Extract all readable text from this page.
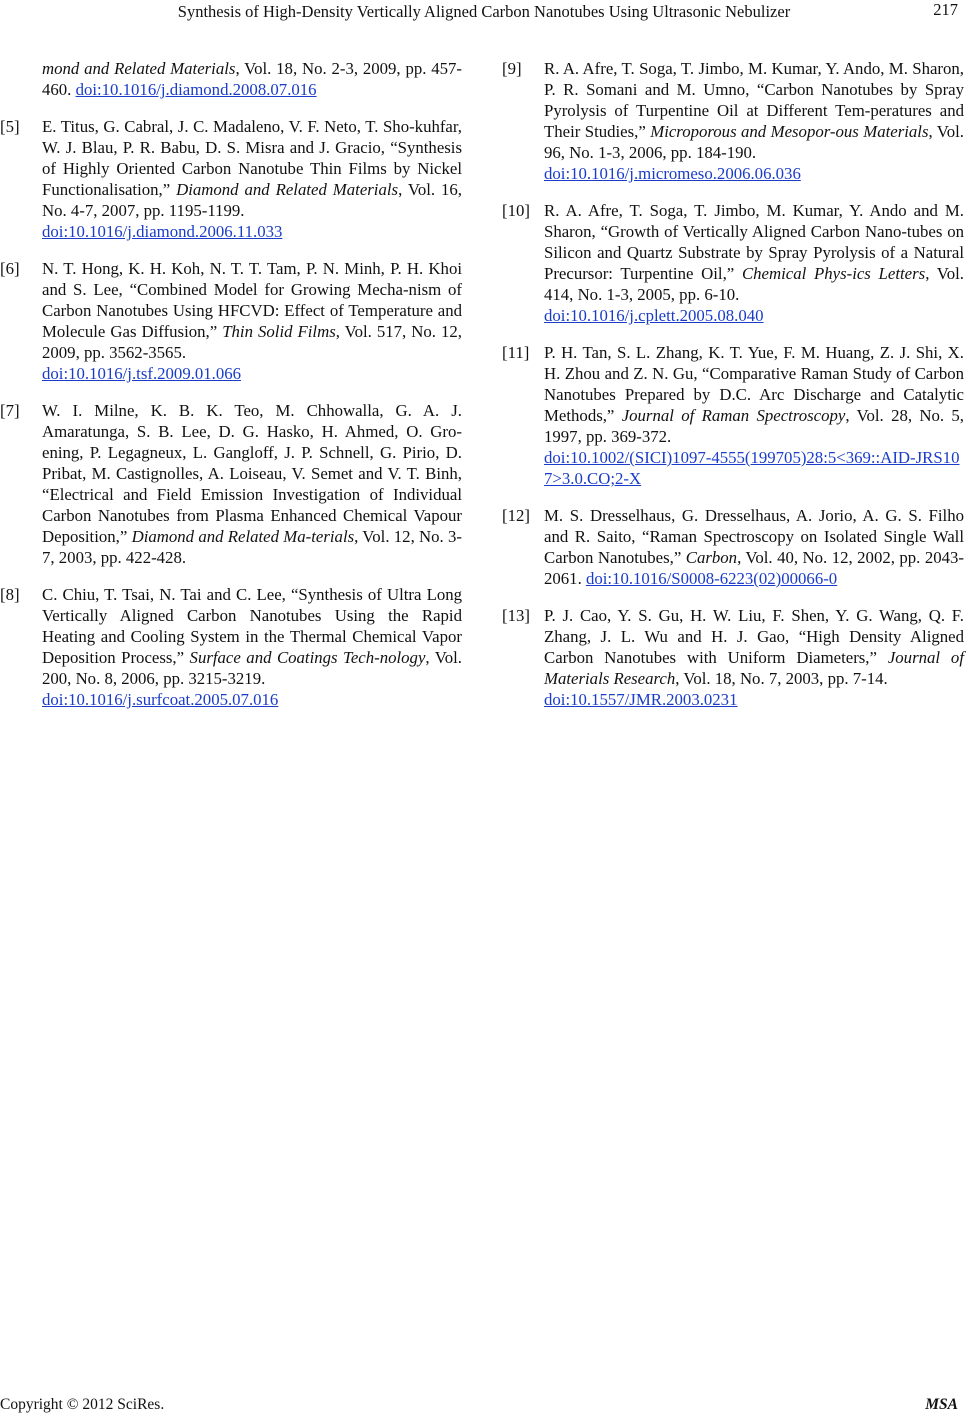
Synthesis of High-Density Vertically Aligned Carbon Nanotubes Using Ultrasonic Nebulizer	217
mond and Related Materials, Vol. 18, No. 2-3, 2009, pp. 457-460. doi:10.1016/j.diamond.2008.07.016
[5] E. Titus, G. Cabral, J. C. Madaleno, V. F. Neto, T. Sho-kuhfar, W. J. Blau, P. R. Babu, D. S. Misra and J. Gracio, “Synthesis of Highly Oriented Carbon Nanotube Thin Films by Nickel Functionalisation,” Diamond and Related Materials, Vol. 16, No. 4-7, 2007, pp. 1195-1199.
doi:10.1016/j.diamond.2006.11.033
[6] N. T. Hong, K. H. Koh, N. T. T. Tam, P. N. Minh, P. H. Khoi and S. Lee, “Combined Model for Growing Mecha-nism of Carbon Nanotubes Using HFCVD: Effect of Temperature and Molecule Gas Diffusion,” Thin Solid Films, Vol. 517, No. 12, 2009, pp. 3562-3565.
doi:10.1016/j.tsf.2009.01.066
[7] W. I. Milne, K. B. K. Teo, M. Chhowalla, G. A. J. Amaratunga, S. B. Lee, D. G. Hasko, H. Ahmed, O. Gro-ening, P. Legagneux, L. Gangloff, J. P. Schnell, G. Pirio, D. Pribat, M. Castignolles, A. Loiseau, V. Semet and V. T. Binh, “Electrical and Field Emission Investigation of Individual Carbon Nanotubes from Plasma Enhanced Chemical Vapour Deposition,” Diamond and Related Ma-terials, Vol. 12, No. 3-7, 2003, pp. 422-428.
[8] C. Chiu, T. Tsai, N. Tai and C. Lee, “Synthesis of Ultra Long Vertically Aligned Carbon Nanotubes Using the Rapid Heating and Cooling System in the Thermal Chemical Vapor Deposition Process,” Surface and Coatings Tech-nology, Vol. 200, No. 8, 2006, pp. 3215-3219.
doi:10.1016/j.surfcoat.2005.07.016
[9] R. A. Afre, T. Soga, T. Jimbo, M. Kumar, Y. Ando, M. Sharon, P. R. Somani and M. Umno, “Carbon Nanotubes by Spray Pyrolysis of Turpentine Oil at Different Tem-peratures and Their Studies,” Microporous and Mesopor-ous Materials, Vol. 96, No. 1-3, 2006, pp. 184-190.
doi:10.1016/j.micromeso.2006.06.036
[10] R. A. Afre, T. Soga, T. Jimbo, M. Kumar, Y. Ando and M. Sharon, “Growth of Vertically Aligned Carbon Nano-tubes on Silicon and Quartz Substrate by Spray Pyrolysis of a Natural Precursor: Turpentine Oil,” Chemical Phys-ics Letters, Vol. 414, No. 1-3, 2005, pp. 6-10.
doi:10.1016/j.cplett.2005.08.040
[11] P. H. Tan, S. L. Zhang, K. T. Yue, F. M. Huang, Z. J. Shi, X. H. Zhou and Z. N. Gu, “Comparative Raman Study of Carbon Nanotubes Prepared by D.C. Arc Discharge and Catalytic Methods,” Journal of Raman Spectroscopy, Vol. 28, No. 5, 1997, pp. 369-372.
doi:10.1002/(SICI)1097-4555(199705)28:5<369::AID-JRS107>3.0.CO;2-X
[12] M. S. Dresselhaus, G. Dresselhaus, A. Jorio, A. G. S. Filho and R. Saito, “Raman Spectroscopy on Isolated Single Wall Carbon Nanotubes,” Carbon, Vol. 40, No. 12, 2002, pp. 2043-2061. doi:10.1016/S0008-6223(02)00066-0
[13] P. J. Cao, Y. S. Gu, H. W. Liu, F. Shen, Y. G. Wang, Q. F. Zhang, J. L. Wu and H. J. Gao, “High Density Aligned Carbon Nanotubes with Uniform Diameters,” Journal of Materials Research, Vol. 18, No. 7, 2003, pp. 7-14.
doi:10.1557/JMR.2003.0231
Copyright © 2012 SciRes.	MSA
